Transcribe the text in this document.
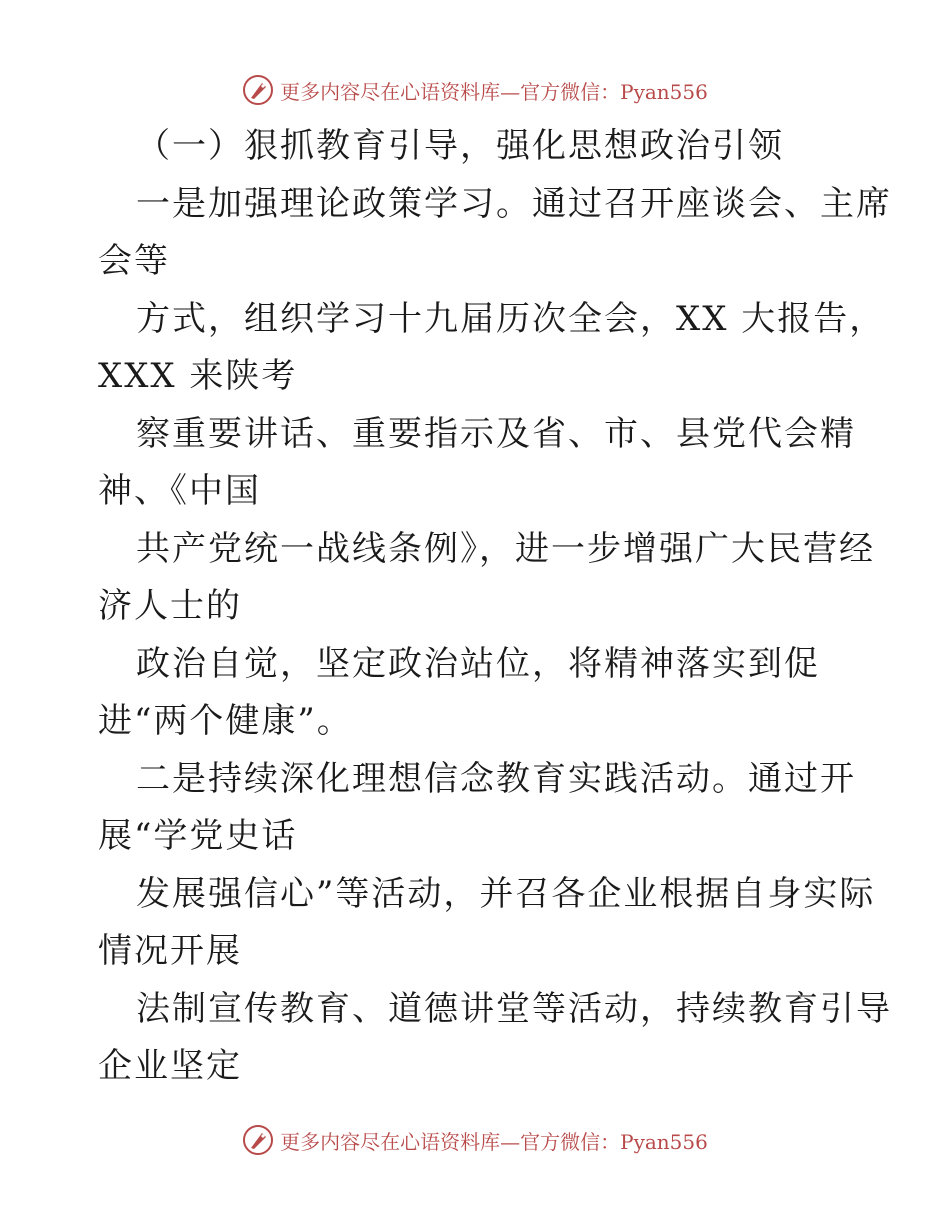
更多内容尽在心语资料库—官方微信：Pyan556
（一）狠抓教育引导，强化思想政治引领
一是加强理论政策学习。通过召开座谈会、主席
会等
方式，组织学习十九届历次全会，XX 大报告，
XXX 来陕考
察重要讲话、重要指示及省、市、县党代会精
神、《中国
共产党统一战线条例》，进一步增强广大民营经
济人士的
政治自觉，坚定政治站位，将精神落实到促
进“两个健康”。
二是持续深化理想信念教育实践活动。通过开
展“学党史话
发展强信心”等活动，并召各企业根据自身实际
情况开展
法制宣传教育、道德讲堂等活动，持续教育引导
企业坚定
更多内容尽在心语资料库—官方微信：Pyan556
